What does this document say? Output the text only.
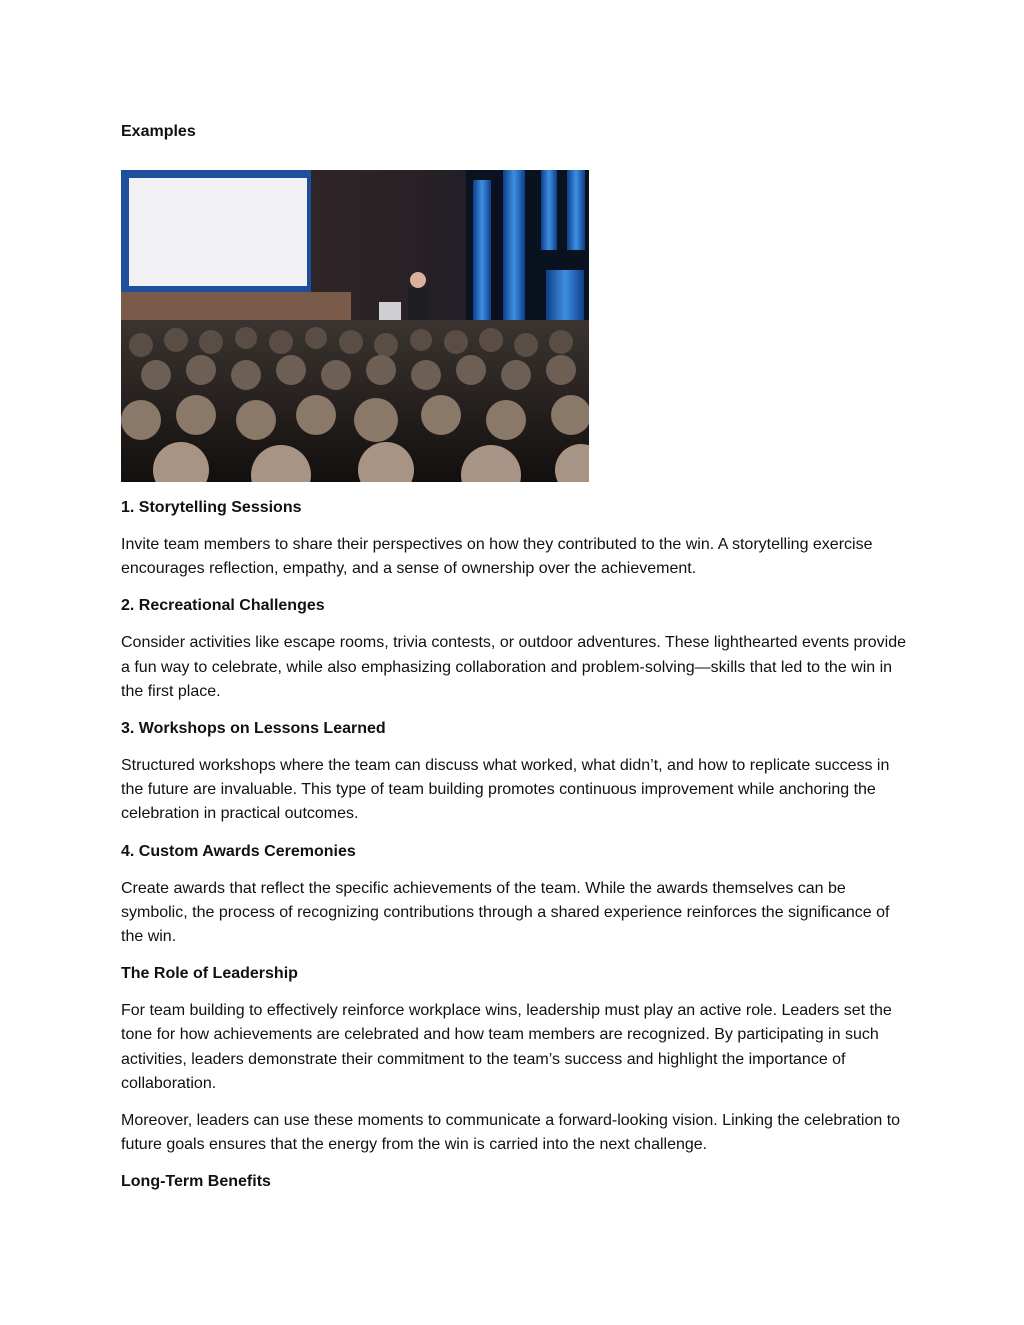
Examples

1. Storytelling Sessions

Invite team members to share their perspectives on how they contributed to the win. A storytelling exercise encourages reflection, empathy, and a sense of ownership over the achievement.

2. Recreational Challenges

Consider activities like escape rooms, trivia contests, or outdoor adventures. These lighthearted events provide a fun way to celebrate, while also emphasizing collaboration and problem-solving—skills that led to the win in the first place.

3. Workshops on Lessons Learned

Structured workshops where the team can discuss what worked, what didn’t, and how to replicate success in the future are invaluable. This type of team building promotes continuous improvement while anchoring the celebration in practical outcomes.

4. Custom Awards Ceremonies

Create awards that reflect the specific achievements of the team. While the awards themselves can be symbolic, the process of recognizing contributions through a shared experience reinforces the significance of the win.

The Role of Leadership

For team building to effectively reinforce workplace wins, leadership must play an active role. Leaders set the tone for how achievements are celebrated and how team members are recognized. By participating in such activities, leaders demonstrate their commitment to the team’s success and highlight the importance of collaboration.

Moreover, leaders can use these moments to communicate a forward-looking vision. Linking the celebration to future goals ensures that the energy from the win is carried into the next challenge.

Long-Term Benefits
